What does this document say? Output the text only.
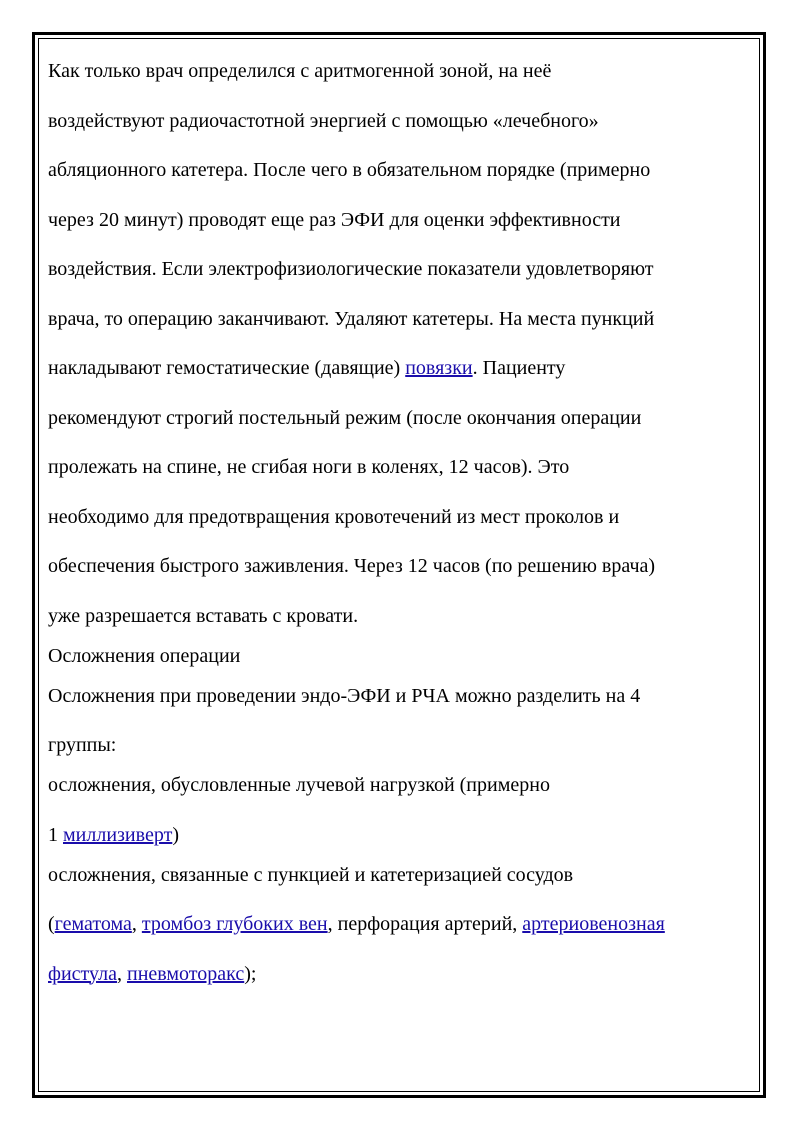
Как только врач определился с аритмогенной зоной, на неё
воздействуют радиочастотной энергией с помощью «лечебного»
абляционного катетера. После чего в обязательном порядке (примерно
через 20 минут) проводят еще раз ЭФИ для оценки эффективности
воздействия. Если электрофизиологические показатели удовлетворяют
врача, то операцию заканчивают. Удаляют катетеры. На места пункций
накладывают гемостатические (давящие) повязки. Пациенту
рекомендуют строгий постельный режим (после окончания операции
пролежать на спине, не сгибая ноги в коленях, 12 часов). Это
необходимо для предотвращения кровотечений из мест проколов и
обеспечения быстрого заживления. Через 12 часов (по решению врача)
уже разрешается вставать с кровати.
Осложнения операции
Осложнения при проведении эндо-ЭФИ и РЧА можно разделить на 4
группы:
осложнения, обусловленные лучевой нагрузкой (примерно
1 миллизиверт)
осложнения, связанные с пункцией и катетеризацией сосудов
(гематома, тромбоз глубоких вен, перфорация артерий, артериовенозная
фистула, пневмоторакс);
